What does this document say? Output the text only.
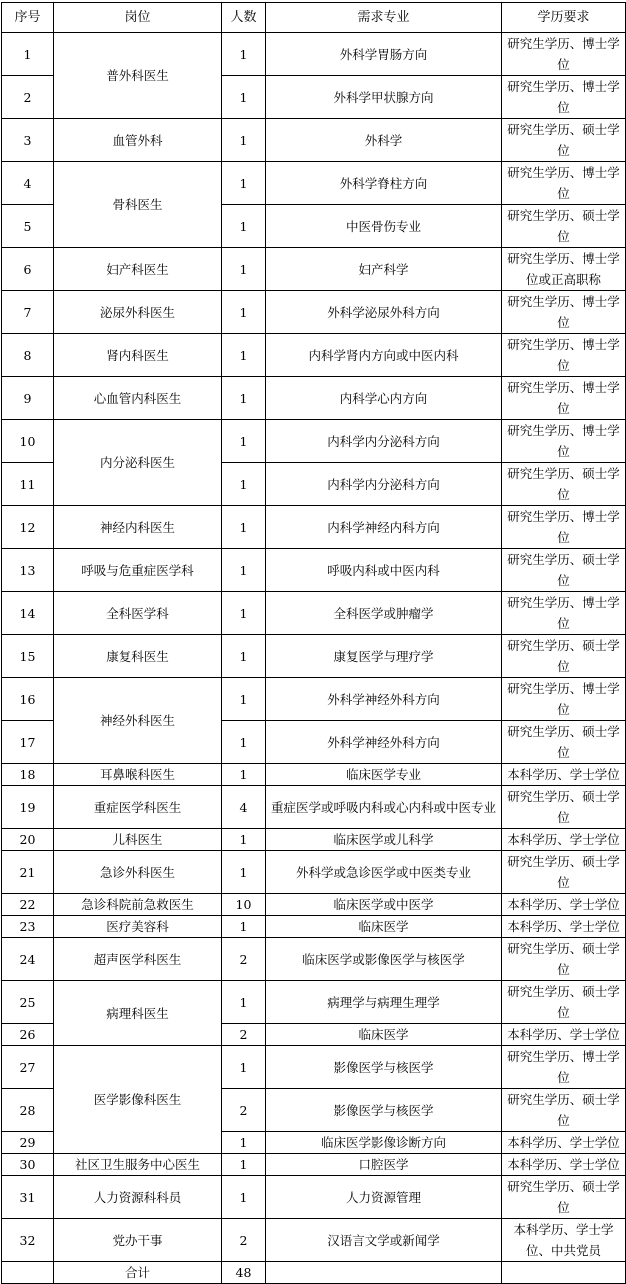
序号	岗位	人数	需求专业	学历要求
1	普外科医生	1	外科学胃肠方向	研究生学历、博士学位
2		1	外科学甲状腺方向	研究生学历、博士学位
3	血管外科	1	外科学	研究生学历、硕士学位
4	骨科医生	1	外科学脊柱方向	研究生学历、博士学位
5		1	中医骨伤专业	研究生学历、硕士学位
6	妇产科医生	1	妇产科学	研究生学历、博士学位或正高职称
7	泌尿外科医生	1	外科学泌尿外科方向	研究生学历、博士学位
8	肾内科医生	1	内科学肾内方向或中医内科	研究生学历、博士学位
9	心血管内科医生	1	内科学心内方向	研究生学历、博士学位
10	内分泌科医生	1	内科学内分泌科方向	研究生学历、博士学位
11		1	内科学内分泌科方向	研究生学历、硕士学位
12	神经内科医生	1	内科学神经内科方向	研究生学历、博士学位
13	呼吸与危重症医学科	1	呼吸内科或中医内科	研究生学历、硕士学位
14	全科医学科	1	全科医学或肿瘤学	研究生学历、博士学位
15	康复科医生	1	康复医学与理疗学	研究生学历、硕士学位
16	神经外科医生	1	外科学神经外科方向	研究生学历、博士学位
17		1	外科学神经外科方向	研究生学历、硕士学位
18	耳鼻喉科医生	1	临床医学专业	本科学历、学士学位
19	重症医学科医生	4	重症医学或呼吸内科或心内科或中医专业	研究生学历、硕士学位
20	儿科医生	1	临床医学或儿科学	本科学历、学士学位
21	急诊外科医生	1	外科学或急诊医学或中医类专业	研究生学历、硕士学位
22	急诊科院前急救医生	10	临床医学或中医学	本科学历、学士学位
23	医疗美容科	1	临床医学	本科学历、学士学位
24	超声医学科医生	2	临床医学或影像医学与核医学	研究生学历、硕士学位
25	病理科医生	1	病理学与病理生理学	研究生学历、硕士学位
26		2	临床医学	本科学历、学士学位
27	医学影像科医生	1	影像医学与核医学	研究生学历、博士学位
28		2	影像医学与核医学	研究生学历、硕士学位
29		1	临床医学影像诊断方向	本科学历、学士学位
30	社区卫生服务中心医生	1	口腔医学	本科学历、学士学位
31	人力资源科科员	1	人力资源管理	研究生学历、硕士学位
32	党办干事	2	汉语言文学或新闻学	本科学历、学士学位、中共党员
	合计	48		
